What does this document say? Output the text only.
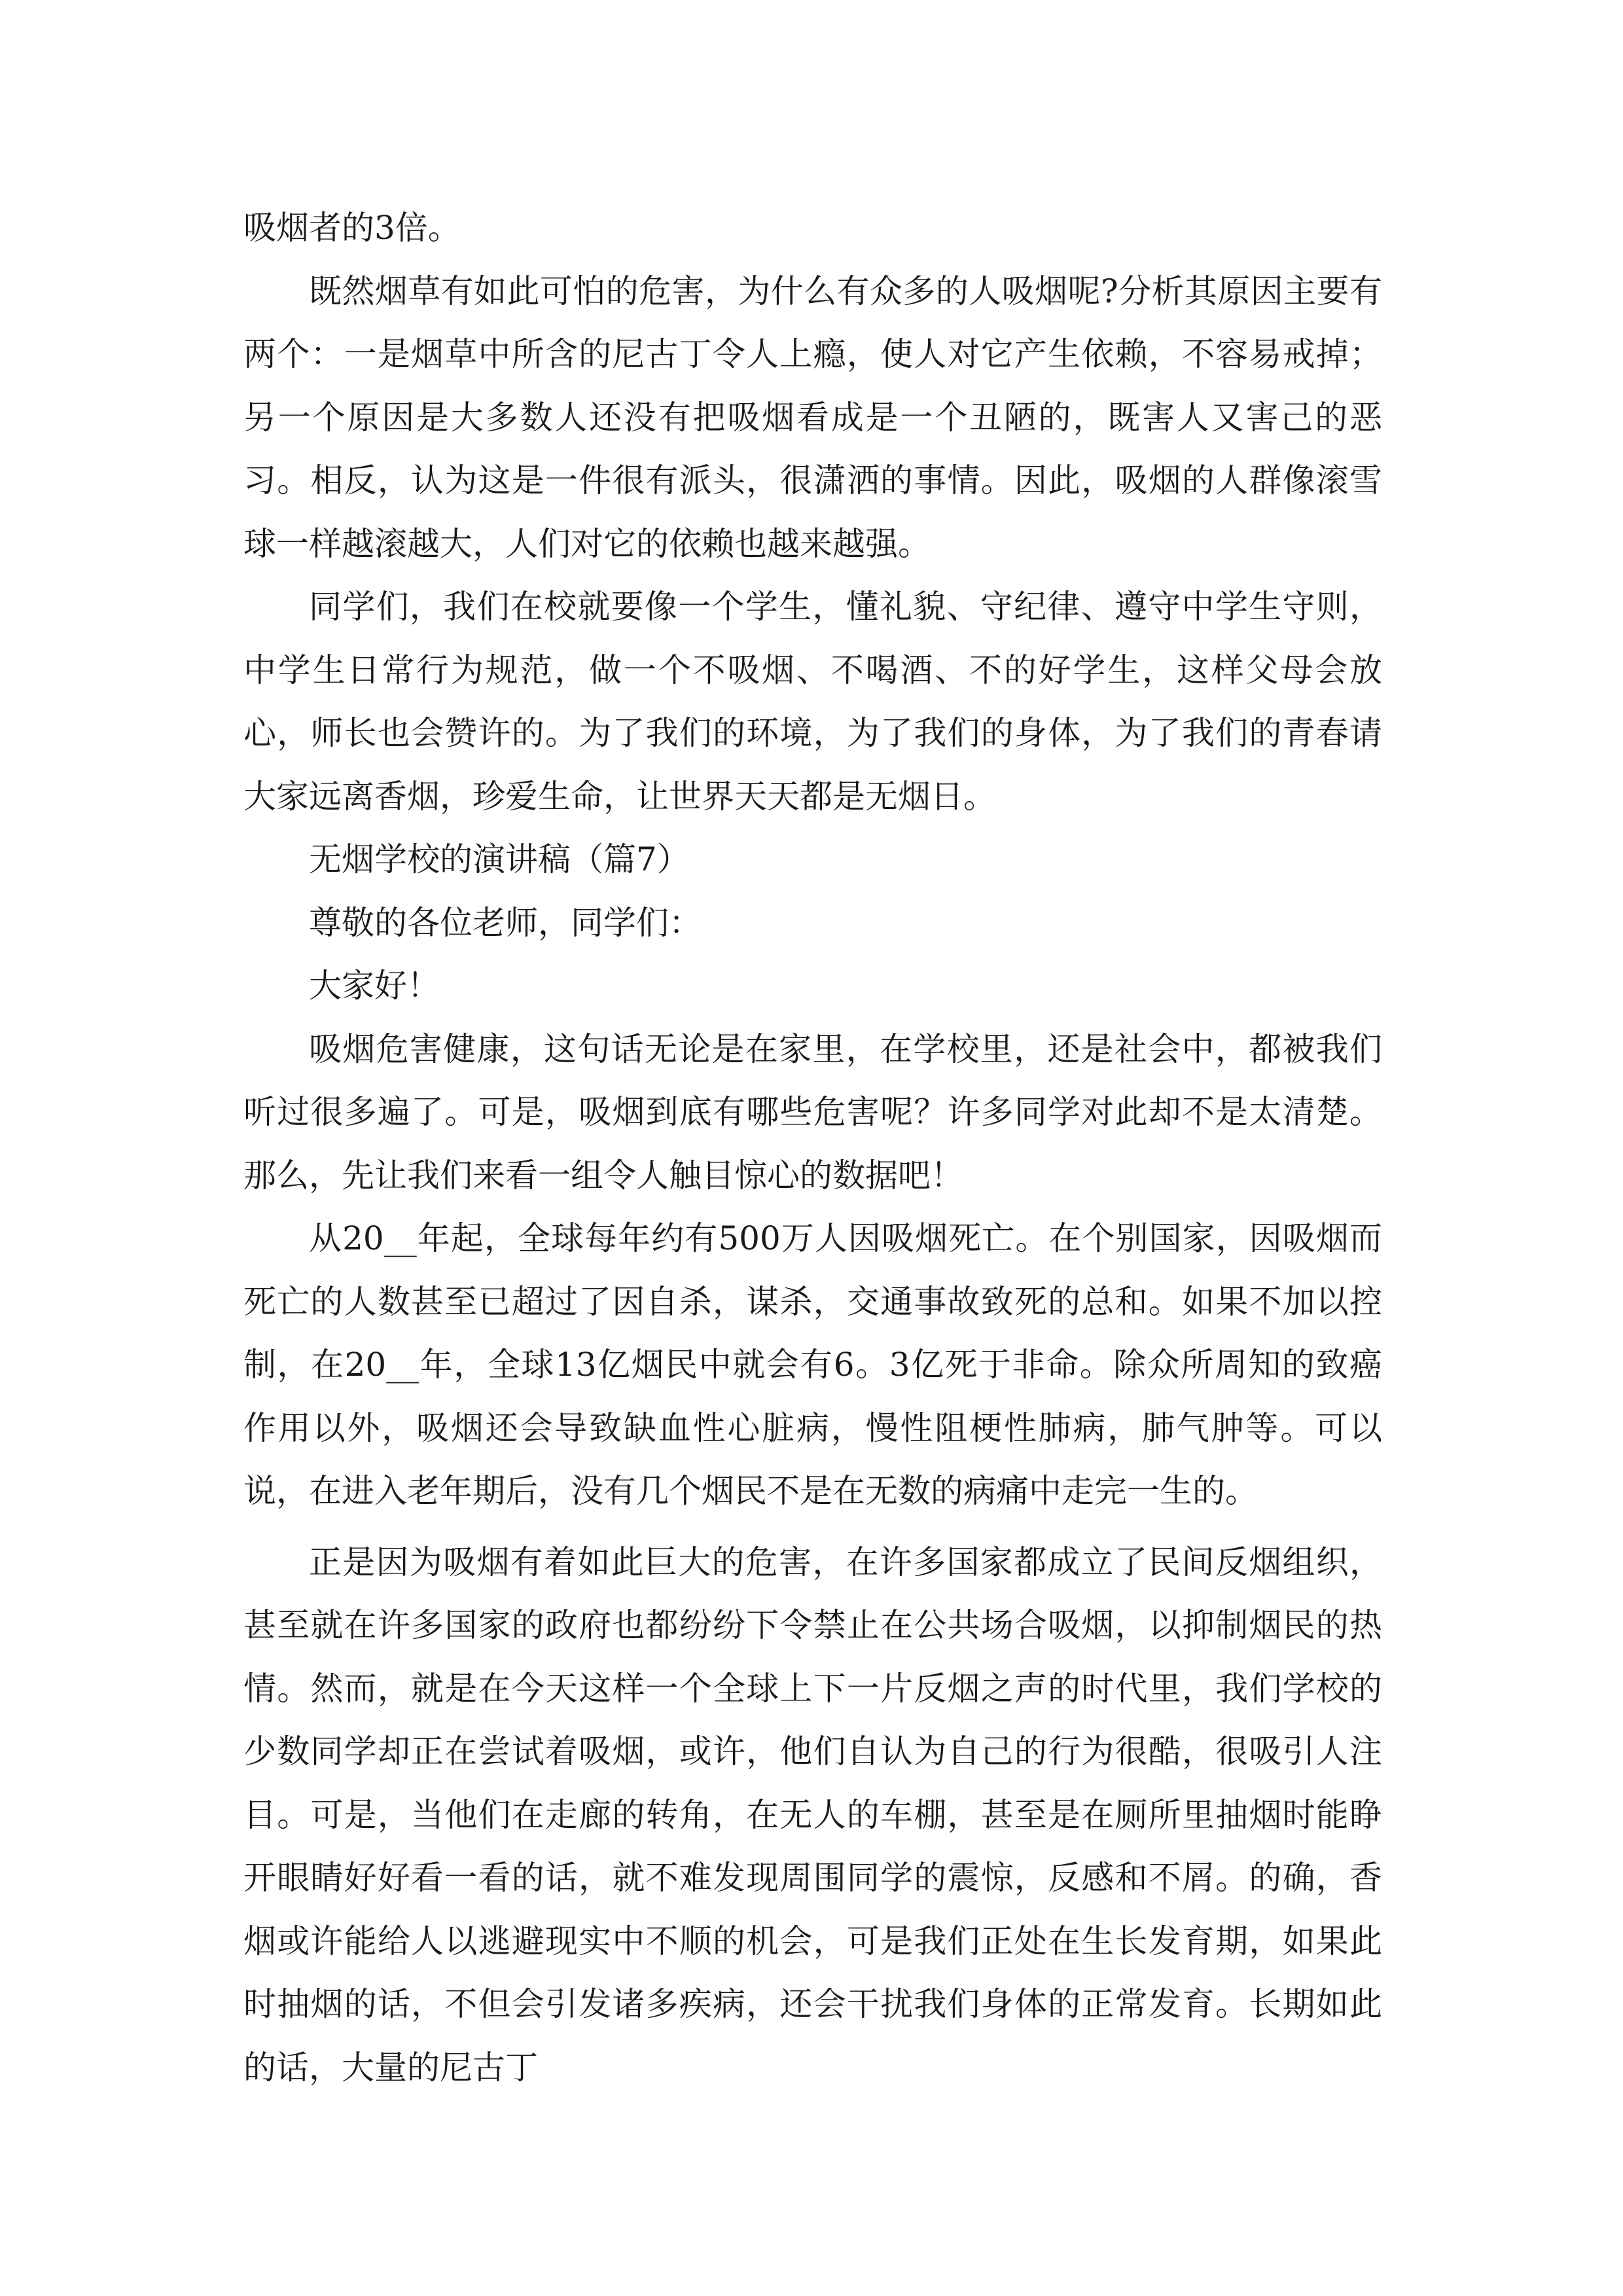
吸烟者的3倍。

既然烟草有如此可怕的危害，为什么有众多的人吸烟呢?分析其原因主要有两个：一是烟草中所含的尼古丁令人上瘾，使人对它产生依赖，不容易戒掉；另一个原因是大多数人还没有把吸烟看成是一个丑陋的，既害人又害己的恶习。相反，认为这是一件很有派头，很潇洒的事情。因此，吸烟的人群像滚雪球一样越滚越大，人们对它的依赖也越来越强。

同学们，我们在校就要像一个学生，懂礼貌、守纪律、遵守中学生守则，中学生日常行为规范，做一个不吸烟、不喝酒、不的好学生，这样父母会放心，师长也会赞许的。为了我们的环境，为了我们的身体，为了我们的青春请大家远离香烟，珍爱生命，让世界天天都是无烟日。

无烟学校的演讲稿（篇7）

尊敬的各位老师，同学们：

大家好！

吸烟危害健康，这句话无论是在家里，在学校里，还是社会中，都被我们听过很多遍了。可是，吸烟到底有哪些危害呢？许多同学对此却不是太清楚。那么，先让我们来看一组令人触目惊心的数据吧！

从20__年起，全球每年约有500万人因吸烟死亡。在个别国家，因吸烟而死亡的人数甚至已超过了因自杀，谋杀，交通事故致死的总和。如果不加以控制，在20__年，全球13亿烟民中就会有6。3亿死于非命。除众所周知的致癌作用以外，吸烟还会导致缺血性心脏病，慢性阻梗性肺病，肺气肿等。可以说，在进入老年期后，没有几个烟民不是在无数的病痛中走完一生的。

正是因为吸烟有着如此巨大的危害，在许多国家都成立了民间反烟组织，甚至就在许多国家的政府也都纷纷下令禁止在公共场合吸烟，以抑制烟民的热情。然而，就是在今天这样一个全球上下一片反烟之声的时代里，我们学校的少数同学却正在尝试着吸烟，或许，他们自认为自己的行为很酷，很吸引人注目。可是，当他们在走廊的转角，在无人的车棚，甚至是在厕所里抽烟时能睁开眼睛好好看一看的话，就不难发现周围同学的震惊，反感和不屑。的确，香烟或许能给人以逃避现实中不顺的机会，可是我们正处在生长发育期，如果此时抽烟的话，不但会引发诸多疾病，还会干扰我们身体的正常发育。长期如此的话，大量的尼古丁
